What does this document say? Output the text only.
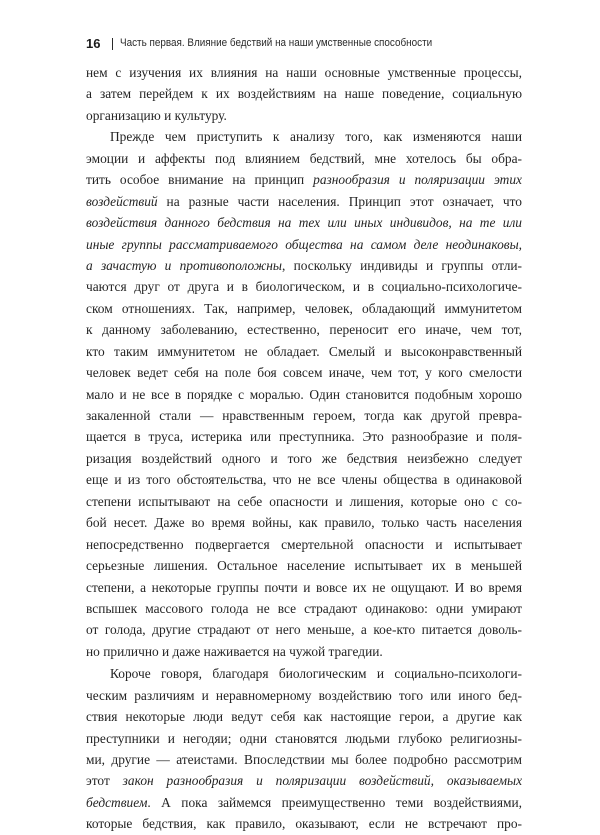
16 Часть первая. Влияние бедствий на наши умственные способности
нем с изучения их влияния на наши основные умственные процессы,
а затем перейдем к их воздействиям на наше поведение, социальную
организацию и культуру.
Прежде чем приступить к анализу того, как изменяются наши
эмоции и аффекты под влиянием бедствий, мне хотелось бы обра-
тить особое внимание на принцип разнообразия и поляризации этих
воздействий на разные части населения. Принцип этот означает, что
воздействия данного бедствия на тех или иных индивидов, на те или
иные группы рассматриваемого общества на самом деле неодинаковы,
а зачастую и противоположны, поскольку индивиды и группы отли-
чаются друг от друга и в биологическом, и в социально-психологиче-
ском отношениях. Так, например, человек, обладающий иммунитетом
к данному заболеванию, естественно, переносит его иначе, чем тот,
кто таким иммунитетом не обладает. Смелый и высоконравственный
человек ведет себя на поле боя совсем иначе, чем тот, у кого смелости
мало и не все в порядке с моралью. Один становится подобным хорошо
закаленной стали — нравственным героем, тогда как другой превра-
щается в труса, истерика или преступника. Это разнообразие и поля-
ризация воздействий одного и того же бедствия неизбежно следует
еще и из того обстоятельства, что не все члены общества в одинаковой
степени испытывают на себе опасности и лишения, которые оно с со-
бой несет. Даже во время войны, как правило, только часть населения
непосредственно подвергается смертельной опасности и испытывает
серьезные лишения. Остальное население испытывает их в меньшей
степени, а некоторые группы почти и вовсе их не ощущают. И во время
вспышек массового голода не все страдают одинаково: одни умирают
от голода, другие страдают от него меньше, а кое-кто питается доволь-
но прилично и даже наживается на чужой трагедии.
Короче говоря, благодаря биологическим и социально-психологи-
ческим различиям и неравномерному воздействию того или иного бед-
ствия некоторые люди ведут себя как настоящие герои, а другие как
преступники и негодяи; одни становятся людьми глубоко религиозны-
ми, другие — атеистами. Впоследствии мы более подробно рассмотрим
этот закон разнообразия и поляризации воздействий, оказываемых
бедствием. А пока займемся преимущественно теми воздействиями,
которые бедствия, как правило, оказывают, если не встречают про-
